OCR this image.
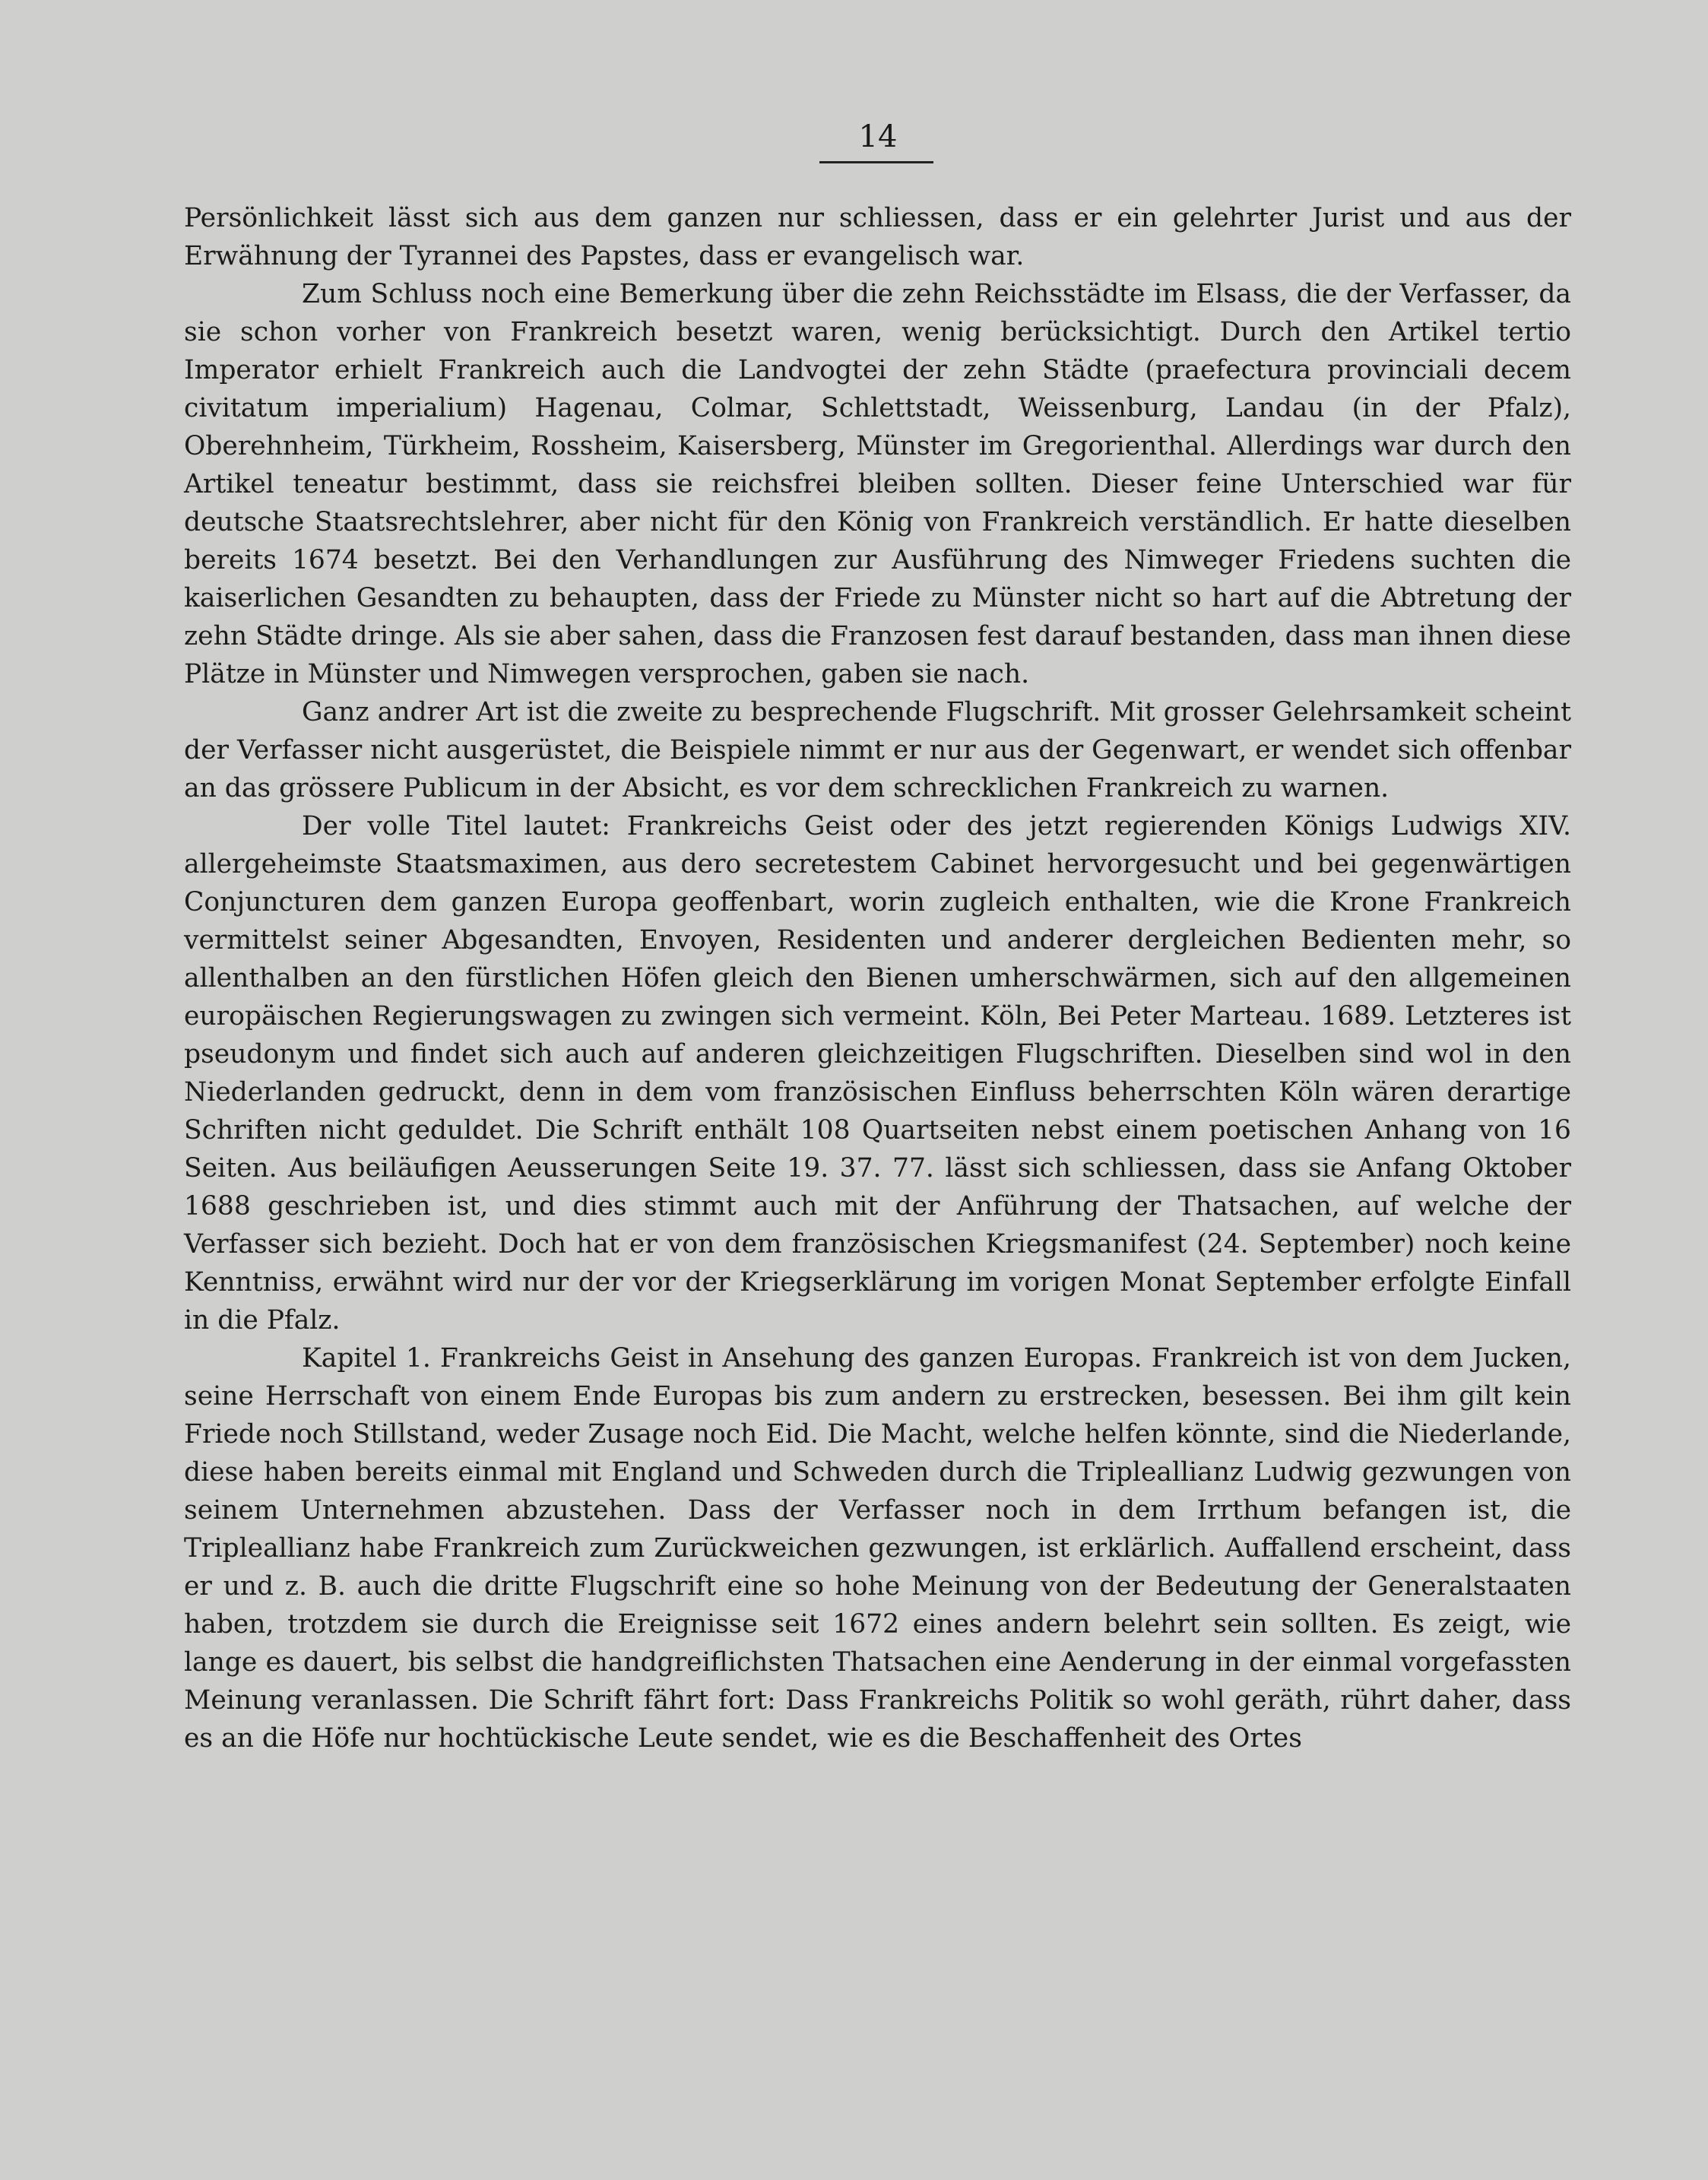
14

Persönlichkeit lässt sich aus dem ganzen nur schliessen, dass er ein gelehrter Jurist und aus der Erwähnung der Tyrannei des Papstes, dass er evangelisch war.

Zum Schluss noch eine Bemerkung über die zehn Reichsstädte im Elsass, die der Verfasser, da sie schon vorher von Frankreich besetzt waren, wenig berücksichtigt. Durch den Artikel tertio Imperator erhielt Frankreich auch die Landvogtei der zehn Städte (praefectura provinciali decem civitatum imperialium) Hagenau, Colmar, Schlettstadt, Weissenburg, Landau (in der Pfalz), Oberehnheim, Türkheim, Rossheim, Kaisersberg, Münster im Gregorienthal. Allerdings war durch den Artikel teneatur bestimmt, dass sie reichsfrei bleiben sollten. Dieser feine Unterschied war für deutsche Staatsrechtslehrer, aber nicht für den König von Frankreich verständlich. Er hatte dieselben bereits 1674 besetzt. Bei den Verhandlungen zur Ausführung des Nimweger Friedens suchten die kaiserlichen Gesandten zu behaupten, dass der Friede zu Münster nicht so hart auf die Abtretung der zehn Städte dringe. Als sie aber sahen, dass die Franzosen fest darauf bestanden, dass man ihnen diese Plätze in Münster und Nimwegen versprochen, gaben sie nach.

Ganz andrer Art ist die zweite zu besprechende Flugschrift. Mit grosser Gelehrsamkeit scheint der Verfasser nicht ausgerüstet, die Beispiele nimmt er nur aus der Gegenwart, er wendet sich offenbar an das grössere Publicum in der Absicht, es vor dem schrecklichen Frankreich zu warnen.

Der volle Titel lautet: Frankreichs Geist oder des jetzt regierenden Königs Ludwigs XIV. allergeheimste Staatsmaximen, aus dero secretestem Cabinet hervorgesucht und bei gegenwärtigen Conjuncturen dem ganzen Europa geoffenbart, worin zugleich enthalten, wie die Krone Frankreich vermittelst seiner Abgesandten, Envoyen, Residenten und anderer dergleichen Bedienten mehr, so allenthalben an den fürstlichen Höfen gleich den Bienen umherschwärmen, sich auf den allgemeinen europäischen Regierungswagen zu zwingen sich vermeint. Köln, Bei Peter Marteau. 1689. Letzteres ist pseudonym und findet sich auch auf anderen gleichzeitigen Flugschriften. Dieselben sind wol in den Niederlanden gedruckt, denn in dem vom französischen Einfluss beherrschten Köln wären derartige Schriften nicht geduldet. Die Schrift enthält 108 Quartseiten nebst einem poetischen Anhang von 16 Seiten. Aus beiläufigen Aeusserungen Seite 19. 37. 77. lässt sich schliessen, dass sie Anfang Oktober 1688 geschrieben ist, und dies stimmt auch mit der Anführung der Thatsachen, auf welche der Verfasser sich bezieht. Doch hat er von dem französischen Kriegsmanifest (24. September) noch keine Kenntniss, erwähnt wird nur der vor der Kriegserklärung im vorigen Monat September erfolgte Einfall in die Pfalz.

Kapitel 1. Frankreichs Geist in Ansehung des ganzen Europas. Frankreich ist von dem Jucken, seine Herrschaft von einem Ende Europas bis zum andern zu erstrecken, besessen. Bei ihm gilt kein Friede noch Stillstand, weder Zusage noch Eid. Die Macht, welche helfen könnte, sind die Niederlande, diese haben bereits einmal mit England und Schweden durch die Tripleallianz Ludwig gezwungen von seinem Unternehmen abzustehen. Dass der Verfasser noch in dem Irrthum befangen ist, die Tripleallianz habe Frankreich zum Zurückweichen gezwungen, ist erklärlich. Auffallend erscheint, dass er und z. B. auch die dritte Flugschrift eine so hohe Meinung von der Bedeutung der Generalstaaten haben, trotzdem sie durch die Ereignisse seit 1672 eines andern belehrt sein sollten. Es zeigt, wie lange es dauert, bis selbst die handgreiflichsten Thatsachen eine Aenderung in der einmal vorgefassten Meinung veranlassen. Die Schrift fährt fort: Dass Frankreichs Politik so wohl geräth, rührt daher, dass es an die Höfe nur hochtückische Leute sendet, wie es die Beschaffenheit des Ortes
